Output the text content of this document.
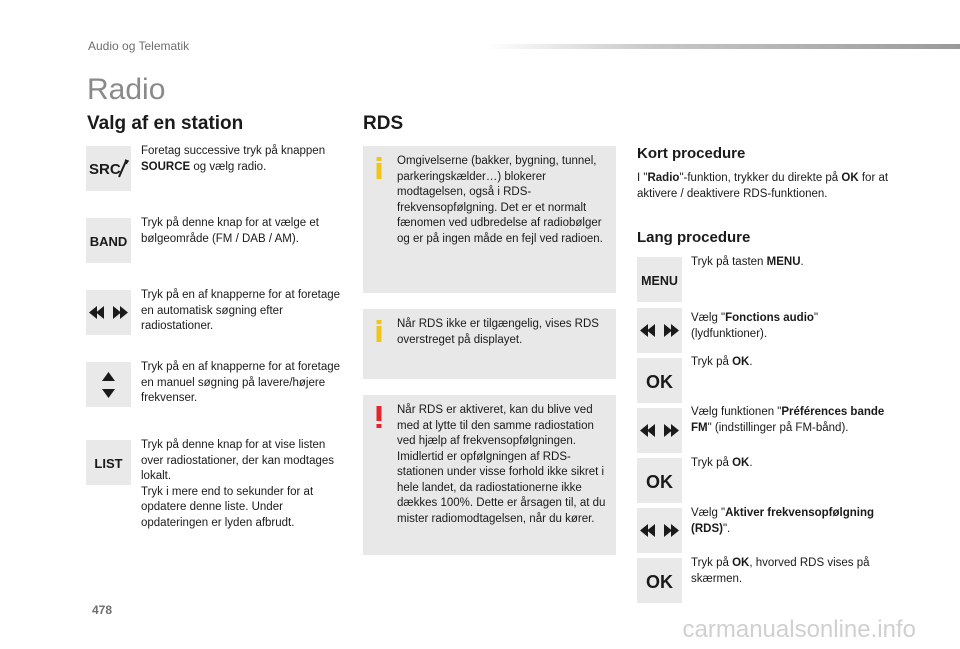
Audio og Telematik
Radio
Valg af en station
SRC
Foretag successive tryk på knappen SOURCE og vælg radio.
BAND
Tryk på denne knap for at vælge et bølgeområde (FM / DAB / AM).
Tryk på en af knapperne for at foretage en automatisk søgning efter radiostationer.
Tryk på en af knapperne for at foretage en manuel søgning på lavere/højere frekvenser.
LIST
Tryk på denne knap for at vise listen over radiostationer, der kan modtages lokalt.
Tryk i mere end to sekunder for at opdatere denne liste. Under opdateringen er lyden afbrudt.
RDS
Omgivelserne (bakker, bygning, tunnel, parkeringskælder…) blokerer modtagelsen, også i RDS-frekvensopfølgning. Det er et normalt fænomen ved udbredelse af radiobølger og er på ingen måde en fejl ved radioen.
Når RDS ikke er tilgængelig, vises RDS overstreget på displayet.
Når RDS er aktiveret, kan du blive ved med at lytte til den samme radiostation ved hjælp af frekvensopfølgningen. Imidlertid er opfølgningen af RDS-stationen under visse forhold ikke sikret i hele landet, da radiostationerne ikke dækkes 100%. Dette er årsagen til, at du mister radiomodtagelsen, når du kører.
Kort procedure
I "Radio"-funktion, trykker du direkte på OK for at aktivere / deaktivere RDS-funktionen.
Lang procedure
MENU
Tryk på tasten MENU.
Vælg "Fonctions audio" (lydfunktioner).
OK
Tryk på OK.
Vælg funktionen "Préférences bande FM" (indstillinger på FM-bånd).
OK
Tryk på OK.
Vælg "Aktiver frekvensopfølgning (RDS)".
OK
Tryk på OK, hvorved RDS vises på skærmen.
478
carmanualsonline.info
